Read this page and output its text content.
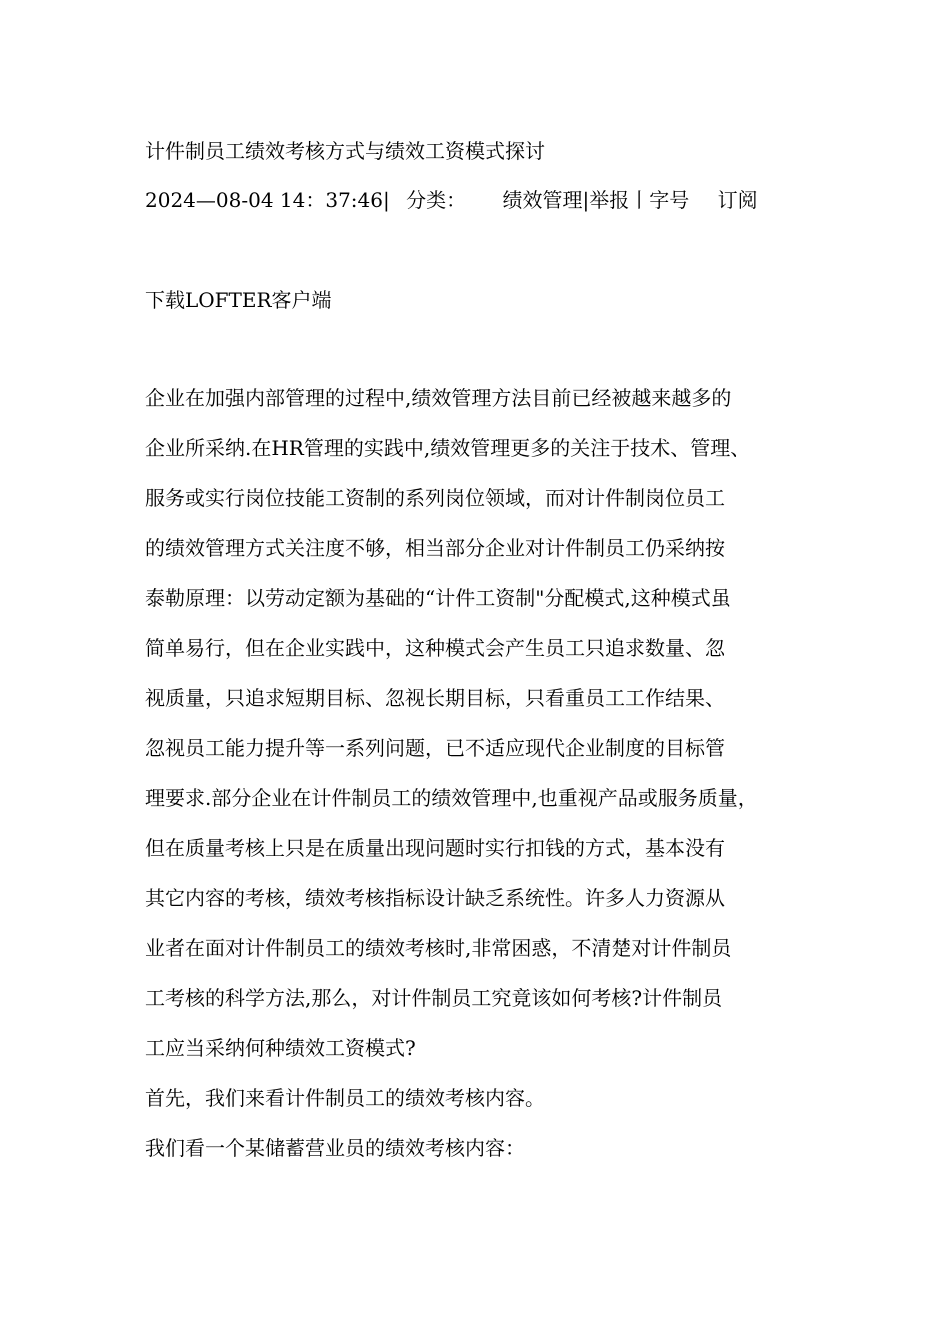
计件制员工绩效考核方式与绩效工资模式探讨
2024—08-04 14：37:46| 分类： 绩效管理|举报丨字号 订阅
下载LOFTER客户端
企业在加强内部管理的过程中,绩效管理方法目前已经被越来越多的
企业所采纳.在HR管理的实践中,绩效管理更多的关注于技术、管理、
服务或实行岗位技能工资制的系列岗位领域，而对计件制岗位员工
的绩效管理方式关注度不够，相当部分企业对计件制员工仍采纳按
泰勒原理：以劳动定额为基础的“计件工资制"分配模式,这种模式虽
简单易行，但在企业实践中，这种模式会产生员工只追求数量、忽
视质量，只追求短期目标、忽视长期目标，只看重员工工作结果、
忽视员工能力提升等一系列问题，已不适应现代企业制度的目标管
理要求.部分企业在计件制员工的绩效管理中,也重视产品或服务质量，
但在质量考核上只是在质量出现问题时实行扣钱的方式，基本没有
其它内容的考核，绩效考核指标设计缺乏系统性。许多人力资源从
业者在面对计件制员工的绩效考核时,非常困惑，不清楚对计件制员
工考核的科学方法,那么，对计件制员工究竟该如何考核?计件制员
工应当采纳何种绩效工资模式?
首先，我们来看计件制员工的绩效考核内容。
我们看一个某储蓄营业员的绩效考核内容：
